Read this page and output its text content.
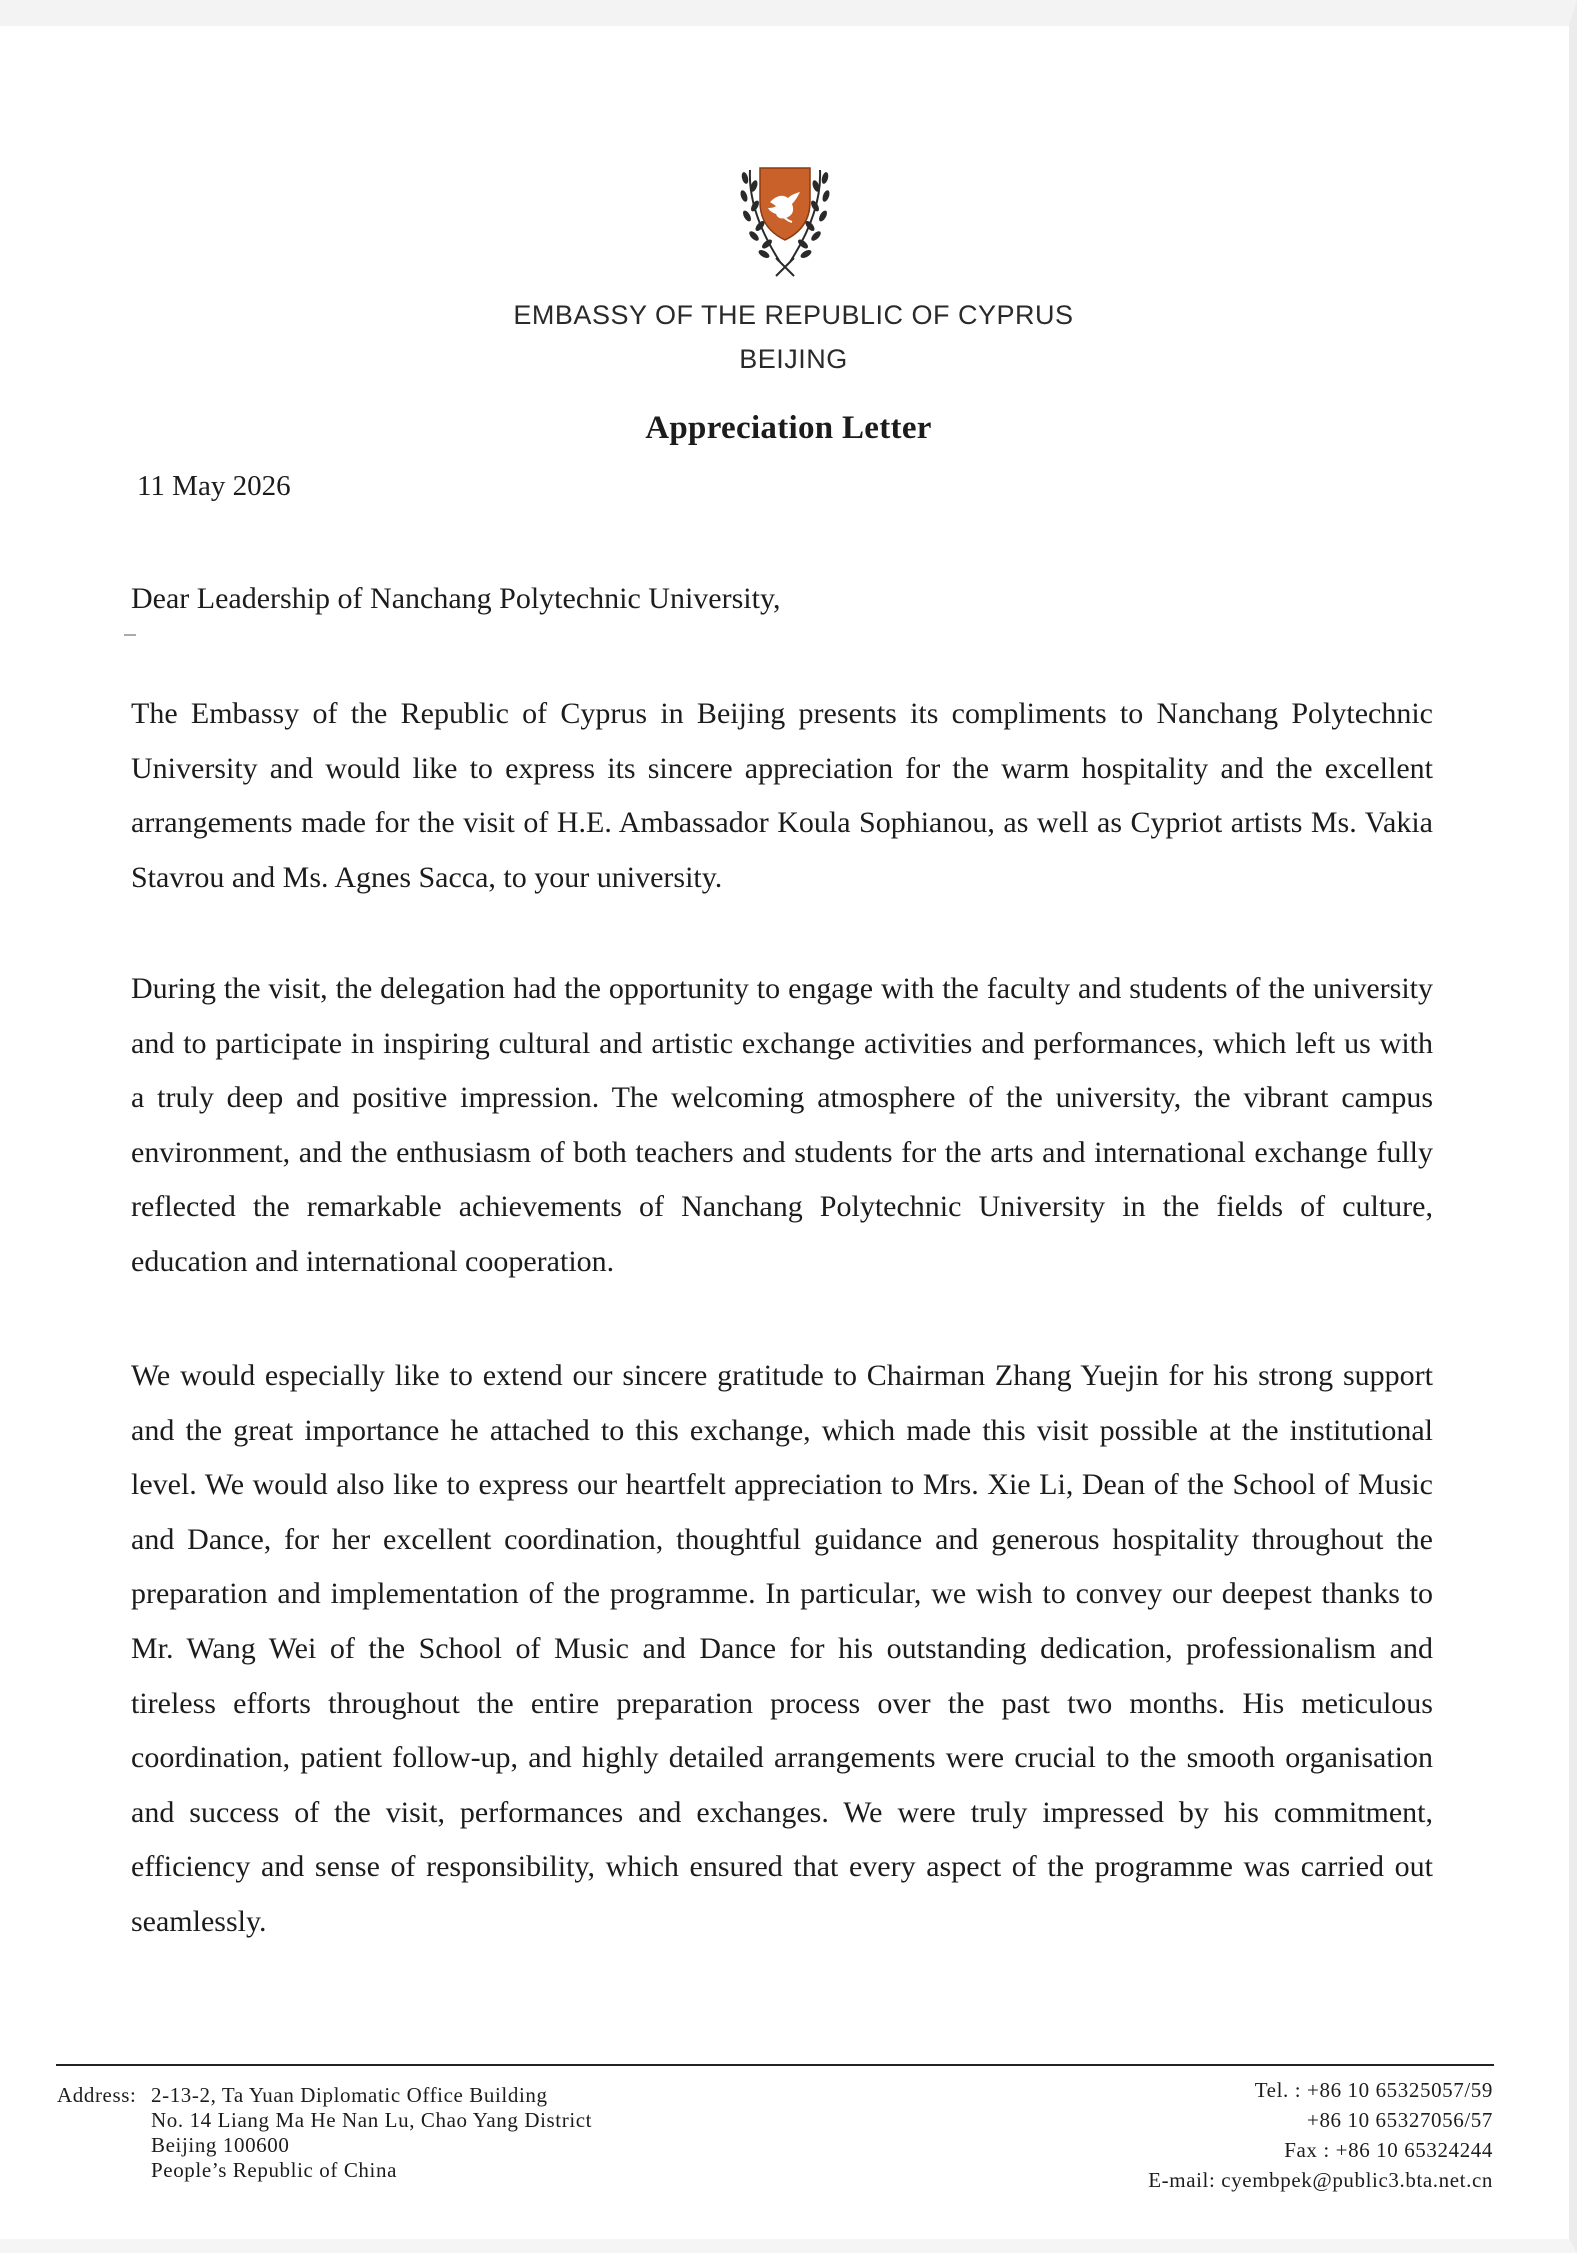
EMBASSY OF THE REPUBLIC OF CYPRUS
BEIJING
Appreciation Letter
11 May 2026
Dear Leadership of Nanchang Polytechnic University,

The Embassy of the Republic of Cyprus in Beijing presents its compliments to Nanchang Polytechnic University and would like to express its sincere appreciation for the warm hospitality and the excellent arrangements made for the visit of H.E. Ambassador Koula Sophianou, as well as Cypriot artists Ms. Vakia Stavrou and Ms. Agnes Sacca, to your university.

During the visit, the delegation had the opportunity to engage with the faculty and students of the university and to participate in inspiring cultural and artistic exchange activities and performances, which left us with a truly deep and positive impression. The welcoming atmosphere of the university, the vibrant campus environment, and the enthusiasm of both teachers and students for the arts and international exchange fully reflected the remarkable achievements of Nanchang Polytechnic University in the fields of culture, education and international cooperation.

We would especially like to extend our sincere gratitude to Chairman Zhang Yuejin for his strong support and the great importance he attached to this exchange, which made this visit possible at the institutional level. We would also like to express our heartfelt appreciation to Mrs. Xie Li, Dean of the School of Music and Dance, for her excellent coordination, thoughtful guidance and generous hospitality throughout the preparation and implementation of the programme. In particular, we wish to convey our deepest thanks to Mr. Wang Wei of the School of Music and Dance for his outstanding dedication, professionalism and tireless efforts throughout the entire preparation process over the past two months. His meticulous coordination, patient follow-up, and highly detailed arrangements were crucial to the smooth organisation and success of the visit, performances and exchanges. We were truly impressed by his commitment, efficiency and sense of responsibility, which ensured that every aspect of the programme was carried out seamlessly.

Address: 2-13-2, Ta Yuan Diplomatic Office Building
No. 14 Liang Ma He Nan Lu, Chao Yang District
Beijing 100600
People’s Republic of China
Tel. : +86 10 65325057/59
+86 10 65327056/57
Fax : +86 10 65324244
E-mail: cyembpek@public3.bta.net.cn
